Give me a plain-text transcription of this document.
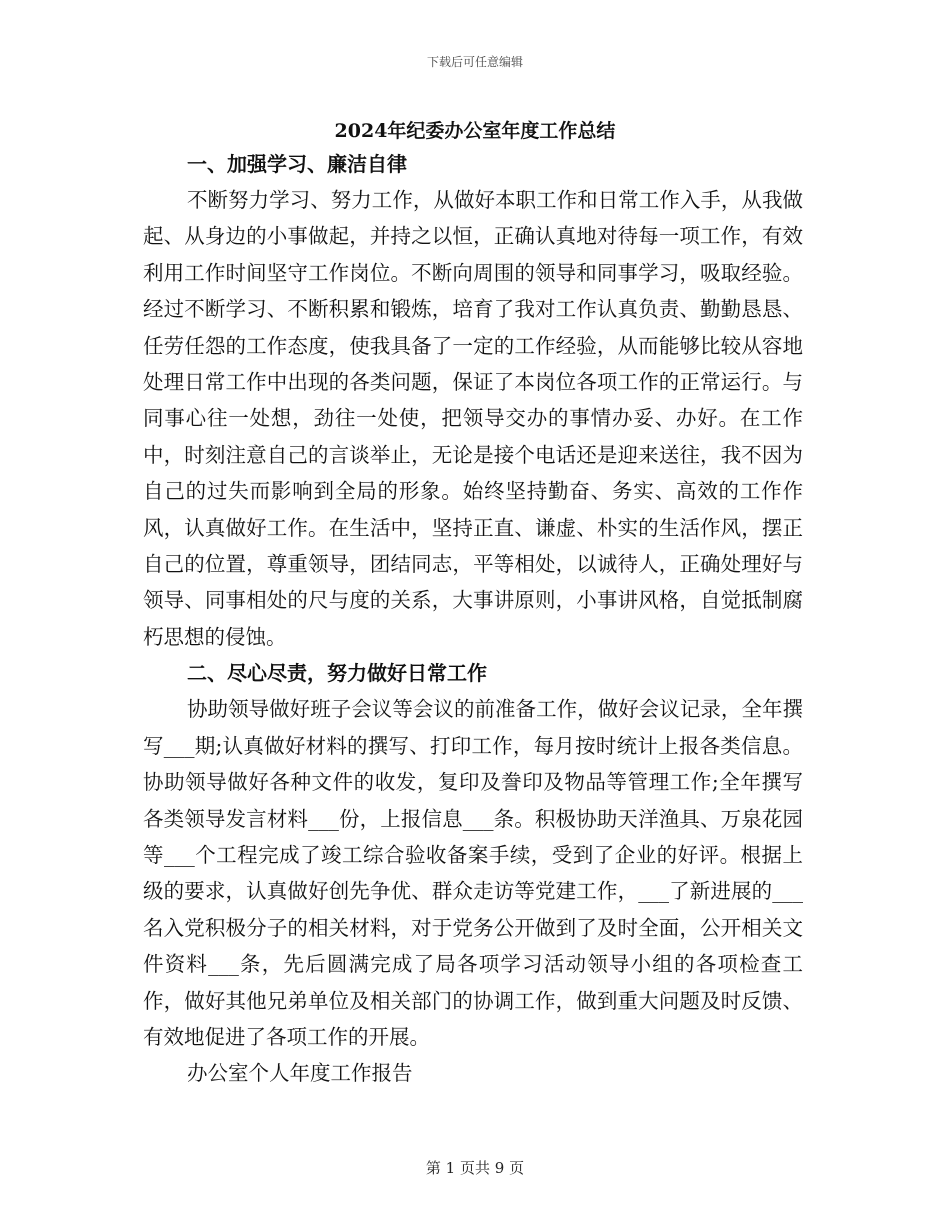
下载后可任意编辑
2024年纪委办公室年度工作总结

一、加强学习、廉洁自律

不断努力学习、努力工作，从做好本职工作和日常工作入手，从我做起、从身边的小事做起，并持之以恒，正确认真地对待每一项工作，有效利用工作时间坚守工作岗位。不断向周围的领导和同事学习，吸取经验。经过不断学习、不断积累和锻炼，培育了我对工作认真负责、勤勤恳恳、任劳任怨的工作态度，使我具备了一定的工作经验，从而能够比较从容地处理日常工作中出现的各类问题，保证了本岗位各项工作的正常运行。与同事心往一处想，劲往一处使，把领导交办的事情办妥、办好。在工作中，时刻注意自己的言谈举止，无论是接个电话还是迎来送往，我不因为自己的过失而影响到全局的形象。始终坚持勤奋、务实、高效的工作作风，认真做好工作。在生活中，坚持正直、谦虚、朴实的生活作风，摆正自己的位置，尊重领导，团结同志，平等相处，以诚待人，正确处理好与领导、同事相处的尺与度的关系，大事讲原则，小事讲风格，自觉抵制腐朽思想的侵蚀。

二、尽心尽责，努力做好日常工作

协助领导做好班子会议等会议的前准备工作，做好会议记录，全年撰写___期;认真做好材料的撰写、打印工作，每月按时统计上报各类信息。协助领导做好各种文件的收发，复印及誊印及物品等管理工作;全年撰写各类领导发言材料___份，上报信息___条。积极协助天洋渔具、万泉花园等___个工程完成了竣工综合验收备案手续，受到了企业的好评。根据上级的要求，认真做好创先争优、群众走访等党建工作，___了新进展的___名入党积极分子的相关材料，对于党务公开做到了及时全面，公开相关文件资料___条，先后圆满完成了局各项学习活动领导小组的各项检查工作，做好其他兄弟单位及相关部门的协调工作，做到重大问题及时反馈、有效地促进了各项工作的开展。

办公室个人年度工作报告

第 1 页共 9 页
